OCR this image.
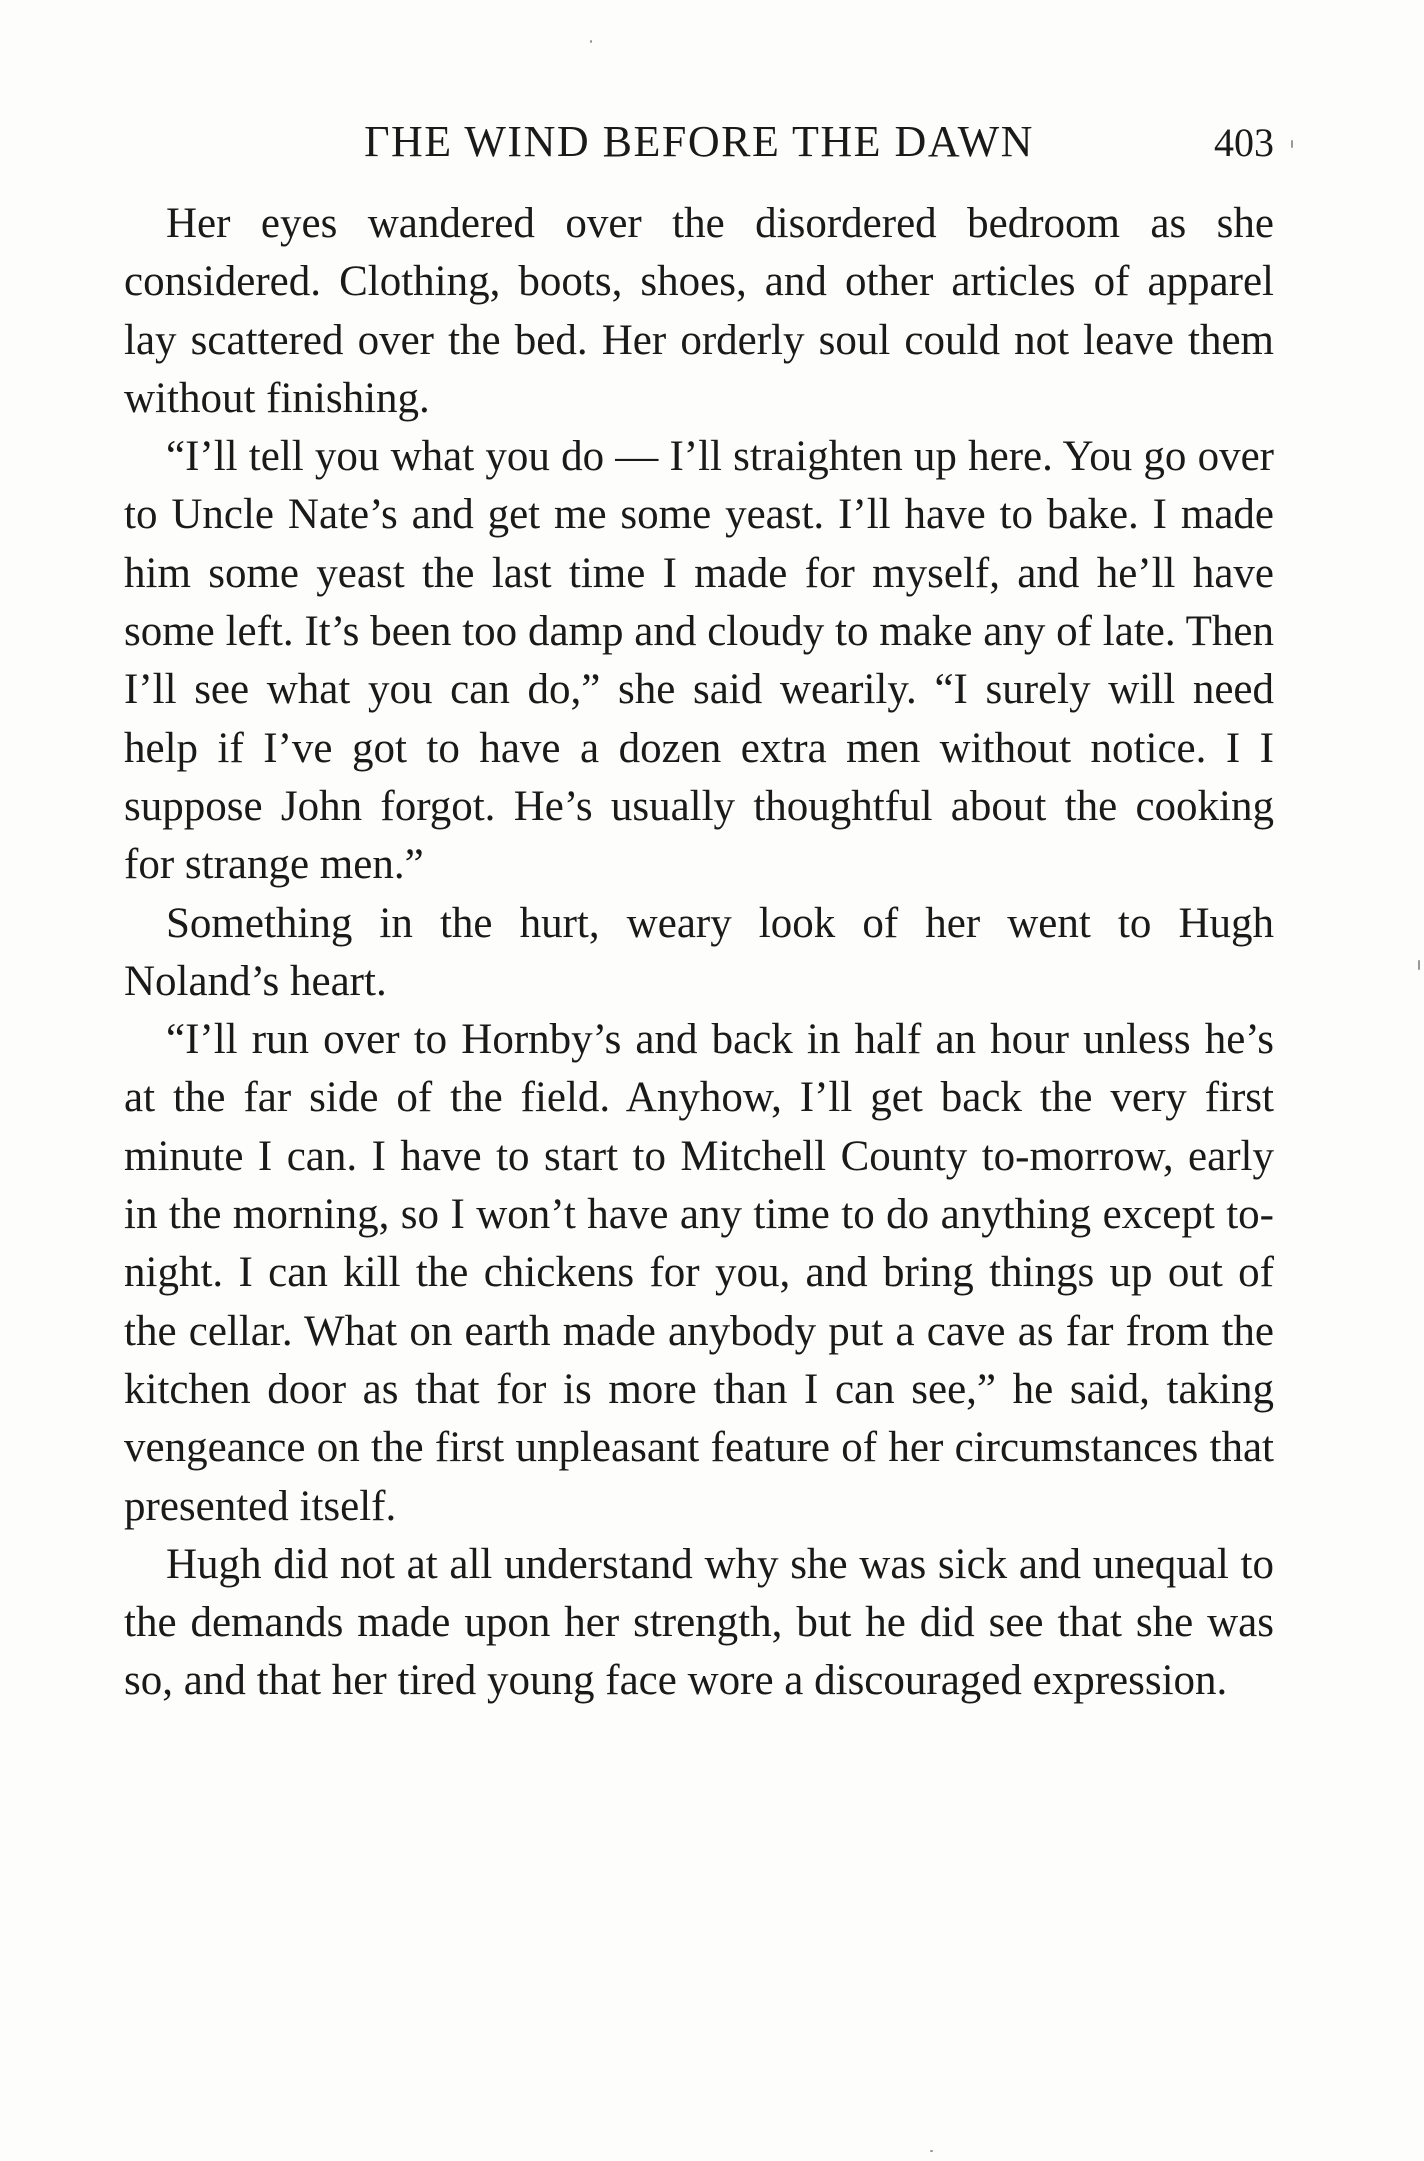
ГHE WIND BEFORE THE DAWN	403

Her eyes wandered over the disordered bedroom as she considered. Clothing, boots, shoes, and other articles of apparel lay scattered over the bed. Her orderly soul could not leave them without finishing.

“I’ll tell you what you do — I’ll straighten up here. You go over to Uncle Nate’s and get me some yeast. I’ll have to bake. I made him some yeast the last time I made for myself, and he’ll have some left. It’s been too damp and cloudy to make any of late. Then I’ll see what you can do,” she said wearily. “I surely will need help if I’ve got to have a dozen extra men without notice. I I suppose John forgot. He’s usually thoughtful about the cooking for strange men.”

Something in the hurt, weary look of her went to Hugh Noland’s heart.

“I’ll run over to Hornby’s and back in half an hour unless he’s at the far side of the field. Anyhow, I’ll get back the very first minute I can. I have to start to Mitchell County to-morrow, early in the morning, so I won’t have any time to do anything except to-night. I can kill the chickens for you, and bring things up out of the cellar. What on earth made anybody put a cave as far from the kitchen door as that for is more than I can see,” he said, taking vengeance on the first unpleasant feature of her circumstances that presented itself.

Hugh did not at all understand why she was sick and unequal to the demands made upon her strength, but he did see that she was so, and that her tired young face wore a discouraged expression.
